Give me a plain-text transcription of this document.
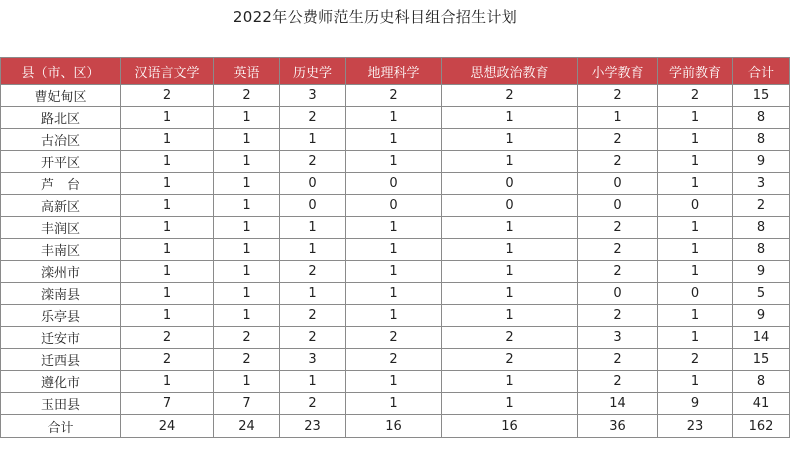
2022年公费师范生历史科目组合招生计划
县（市、区）	汉语言文学	英语	历史学	地理科学	思想政治教育	小学教育	学前教育	合计
曹妃甸区	2	2	3	2	2	2	2	15
路北区	1	1	2	1	1	1	1	8
古冶区	1	1	1	1	1	2	1	8
开平区	1	1	2	1	1	2	1	9
芦　台	1	1	0	0	0	0	1	3
高新区	1	1	0	0	0	0	0	2
丰润区	1	1	1	1	1	2	1	8
丰南区	1	1	1	1	1	2	1	8
滦州市	1	1	2	1	1	2	1	9
滦南县	1	1	1	1	1	0	0	5
乐亭县	1	1	2	1	1	2	1	9
迁安市	2	2	2	2	2	3	1	14
迁西县	2	2	3	2	2	2	2	15
遵化市	1	1	1	1	1	2	1	8
玉田县	7	7	2	1	1	14	9	41
合计	24	24	23	16	16	36	23	162
